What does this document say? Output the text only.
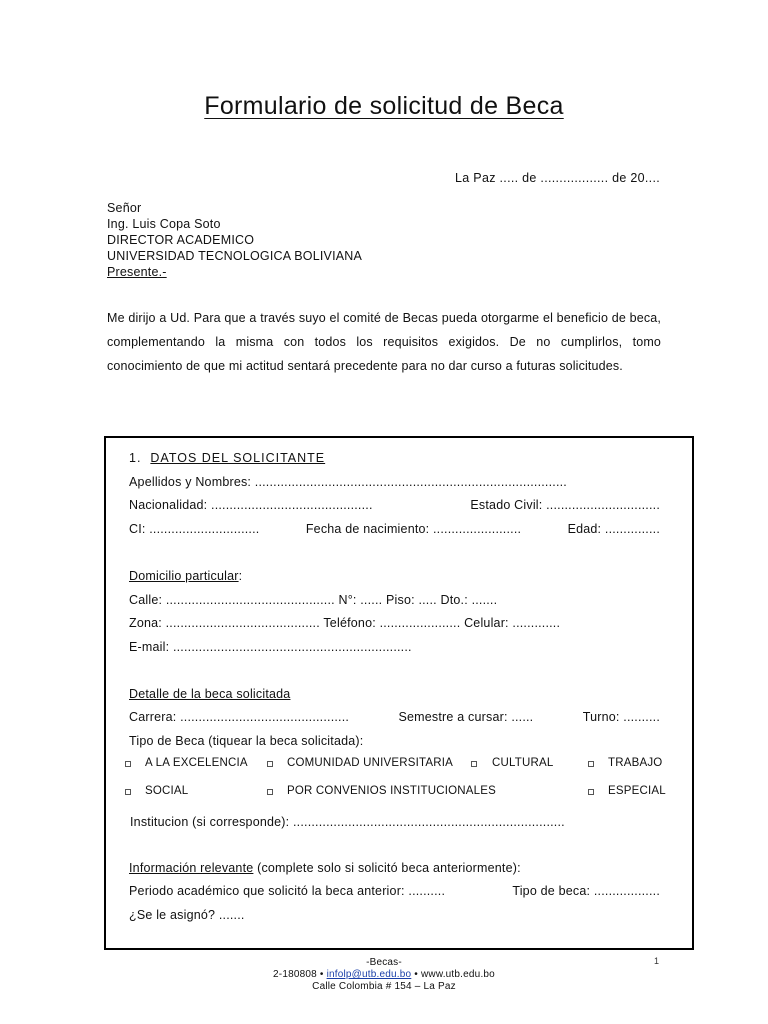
Formulario de solicitud de Beca
La Paz ..... de .................. de 20....
Señor
Ing. Luis Copa Soto
DIRECTOR ACADEMICO
UNIVERSIDAD TECNOLOGICA BOLIVIANA
Presente.-
Me dirijo a Ud. Para que a través suyo el comité de Becas pueda otorgarme el beneficio de beca, complementando la misma con todos los requisitos exigidos. De no cumplirlos, tomo conocimiento de que mi actitud sentará precedente para no dar curso a futuras solicitudes.
1. DATOS DEL SOLICITANTE
Apellidos y Nombres: .....................................................................................
Nacionalidad: ............................................	Estado Civil: ...............................
CI: ..............................	Fecha de nacimiento: ........................	Edad: ...............
Domicilio particular:
Calle: .............................................. N°: ...... Piso: ..... Dto.: .......
Zona: .......................................... Teléfono: ...................... Celular: .............
E-mail: .................................................................
Detalle de la beca solicitada
Carrera: ..............................................	Semestre a cursar: ......	Turno: ..........
Tipo de Beca (tiquear la beca solicitada):
A LA EXCELENCIA	COMUNIDAD UNIVERSITARIA	CULTURAL	TRABAJO
SOCIAL	POR CONVENIOS INSTITUCIONALES	ESPECIAL
Institucion (si corresponde): ..........................................................................
Información relevante (complete solo si solicitó beca anteriormente):
Periodo académico que solicitó la beca anterior: ..........	Tipo de beca: ..................
¿Se le asignó? .......
-Becas-	1
2-180808 • infolp@utb.edu.bo • www.utb.edu.bo
Calle Colombia # 154 – La Paz
